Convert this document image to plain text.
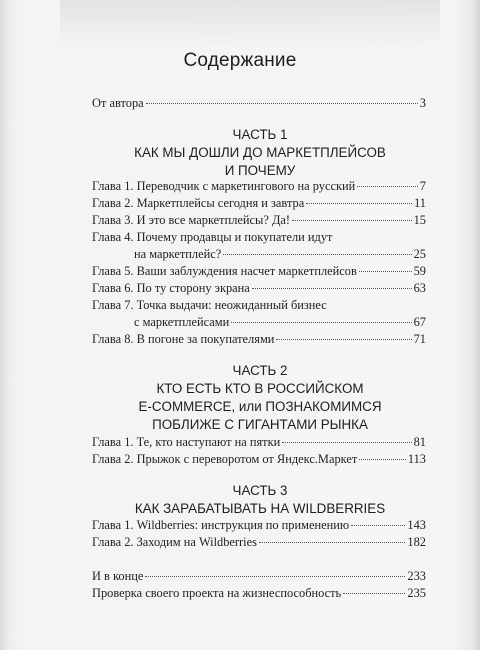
Содержание
От автора	3
ЧАСТЬ 1
КАК МЫ ДОШЛИ ДО МАРКЕТПЛЕЙСОВ
И ПОЧЕМУ
Глава 1. Переводчик с маркетингового на русский	7
Глава 2. Маркетплейсы сегодня и завтра	11
Глава 3. И это все маркетплейсы? Да!	15
Глава 4. Почему продавцы и покупатели идут
на маркетплейс?	25
Глава 5. Ваши заблуждения насчет маркетплейсов	59
Глава 6. По ту сторону экрана	63
Глава 7. Точка выдачи: неожиданный бизнес
с маркетплейсами	67
Глава 8. В погоне за покупателями	71
ЧАСТЬ 2
КТО ЕСТЬ КТО В РОССИЙСКОМ
E-COMMERCE, или ПОЗНАКОМИМСЯ
ПОБЛИЖЕ С ГИГАНТАМИ РЫНКА
Глава 1. Те, кто наступают на пятки	81
Глава 2. Прыжок с переворотом от Яндекс.Маркет	113
ЧАСТЬ 3
КАК ЗАРАБАТЫВАТЬ НА WILDBERRIES
Глава 1. Wildberries: инструкция по применению	143
Глава 2. Заходим на Wildberries	182
И в конце	233
Проверка своего проекта на жизнеспособность	235
